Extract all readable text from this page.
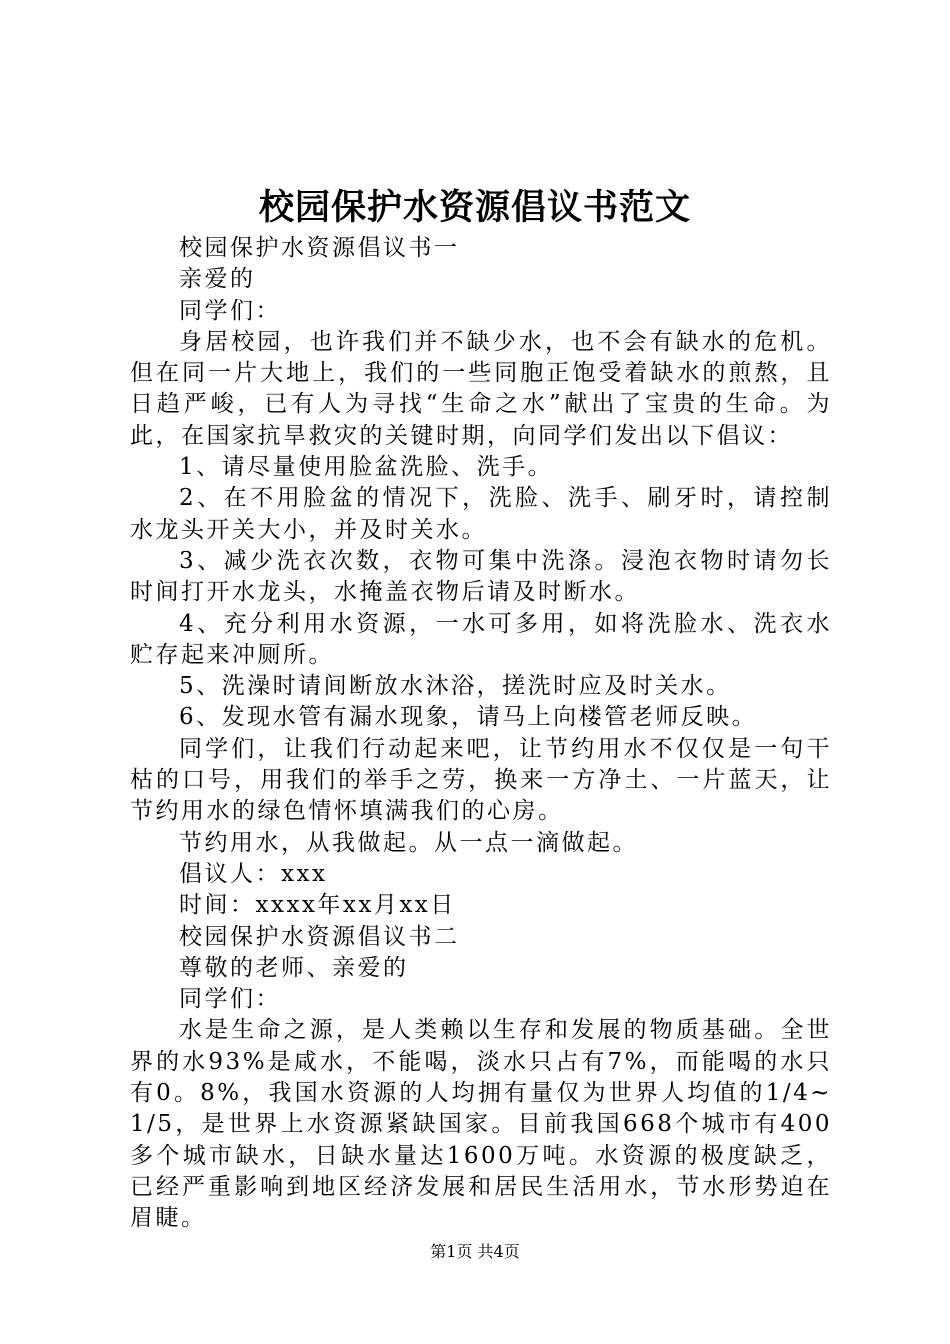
校园保护水资源倡议书范文

校园保护水资源倡议书一

亲爱的

同学们：

身居校园，也许我们并不缺少水，也不会有缺水的危机。但在同一片大地上，我们的一些同胞正饱受着缺水的煎熬，且日趋严峻，已有人为寻找“生命之水”献出了宝贵的生命。为此，在国家抗旱救灾的关键时期，向同学们发出以下倡议：

1、请尽量使用脸盆洗脸、洗手。

2、在不用脸盆的情况下，洗脸、洗手、刷牙时，请控制水龙头开关大小，并及时关水。

3、减少洗衣次数，衣物可集中洗涤。浸泡衣物时请勿长时间打开水龙头，水掩盖衣物后请及时断水。

4、充分利用水资源，一水可多用，如将洗脸水、洗衣水贮存起来冲厕所。

5、洗澡时请间断放水沐浴，搓洗时应及时关水。

6、发现水管有漏水现象，请马上向楼管老师反映。

同学们，让我们行动起来吧，让节约用水不仅仅是一句干枯的口号，用我们的举手之劳，换来一方净土、一片蓝天，让节约用水的绿色情怀填满我们的心房。

节约用水，从我做起。从一点一滴做起。

倡议人：xxx

时间：xxxx年xx月xx日

校园保护水资源倡议书二

尊敬的老师、亲爱的

同学们：

水是生命之源，是人类赖以生存和发展的物质基础。全世界的水93%是咸水，不能喝，淡水只占有7%，而能喝的水只有0。8%，我国水资源的人均拥有量仅为世界人均值的1/4~1/5，是世界上水资源紧缺国家。目前我国668个城市有400多个城市缺水，日缺水量达1600万吨。水资源的极度缺乏，已经严重影响到地区经济发展和居民生活用水，节水形势迫在眉睫。

第1页 共4页
